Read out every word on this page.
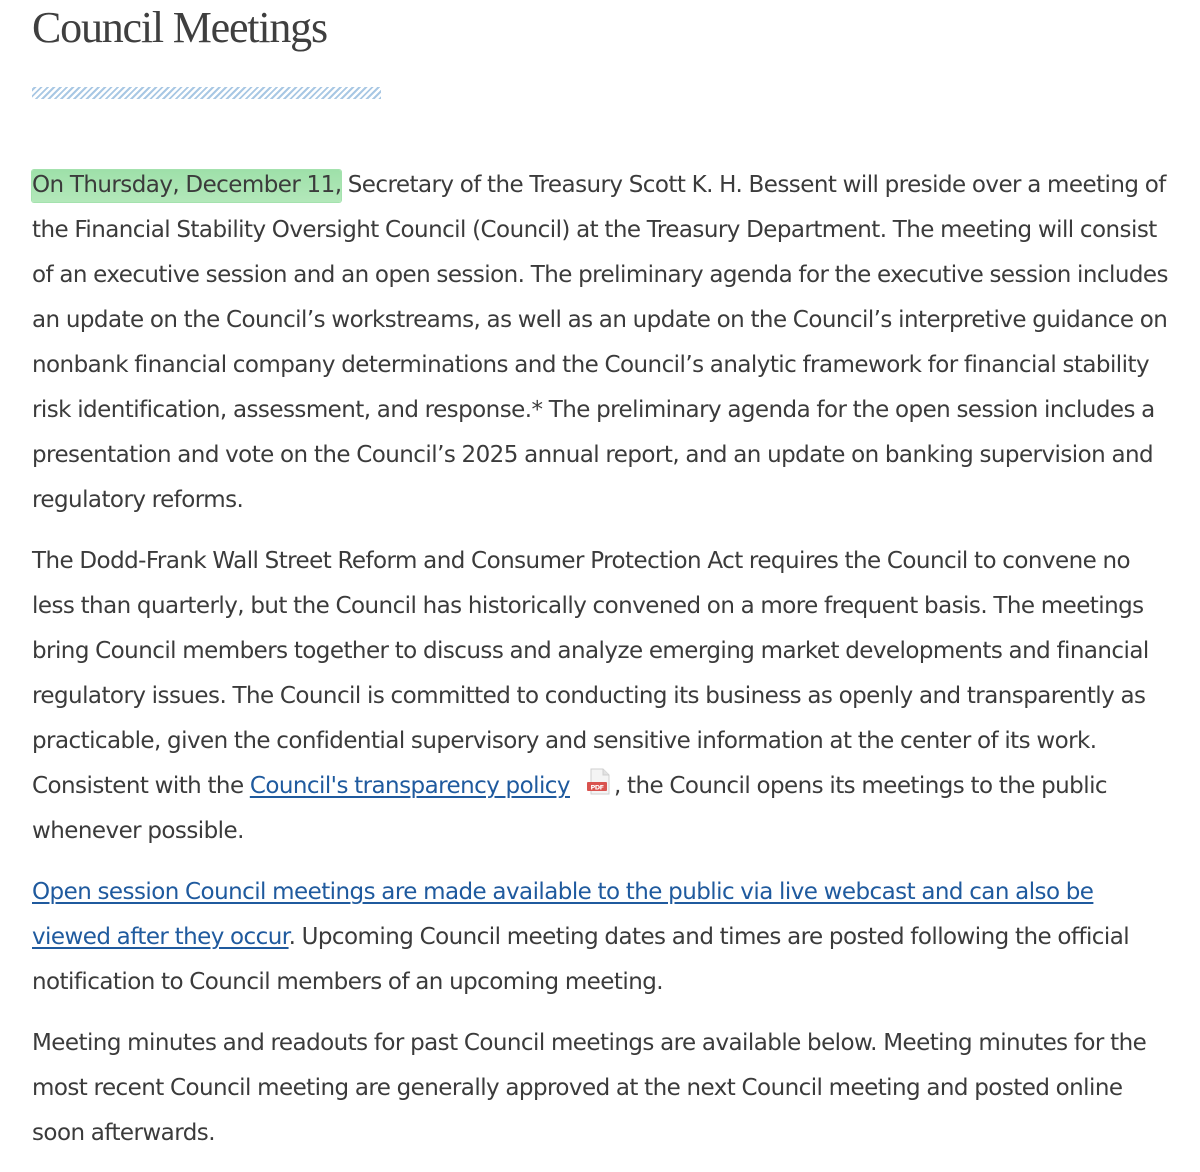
Council Meetings

On Thursday, December 11, Secretary of the Treasury Scott K. H. Bessent will preside over a meeting of the Financial Stability Oversight Council (Council) at the Treasury Department. The meeting will consist of an executive session and an open session. The preliminary agenda for the executive session includes an update on the Council’s workstreams, as well as an update on the Council’s interpretive guidance on nonbank financial company determinations and the Council’s analytic framework for financial stability risk identification, assessment, and response.* The preliminary agenda for the open session includes a presentation and vote on the Council’s 2025 annual report, and an update on banking supervision and regulatory reforms.

The Dodd-Frank Wall Street Reform and Consumer Protection Act requires the Council to convene no less than quarterly, but the Council has historically convened on a more frequent basis. The meetings bring Council members together to discuss and analyze emerging market developments and financial regulatory issues. The Council is committed to conducting its business as openly and transparently as practicable, given the confidential supervisory and sensitive information at the center of its work. Consistent with the Council's transparency policy	PDF , the Council opens its meetings to the public whenever possible.

Open session Council meetings are made available to the public via live webcast and can also be viewed after they occur. Upcoming Council meeting dates and times are posted following the official notification to Council members of an upcoming meeting.

Meeting minutes and readouts for past Council meetings are available below. Meeting minutes for the most recent Council meeting are generally approved at the next Council meeting and posted online soon afterwards.
